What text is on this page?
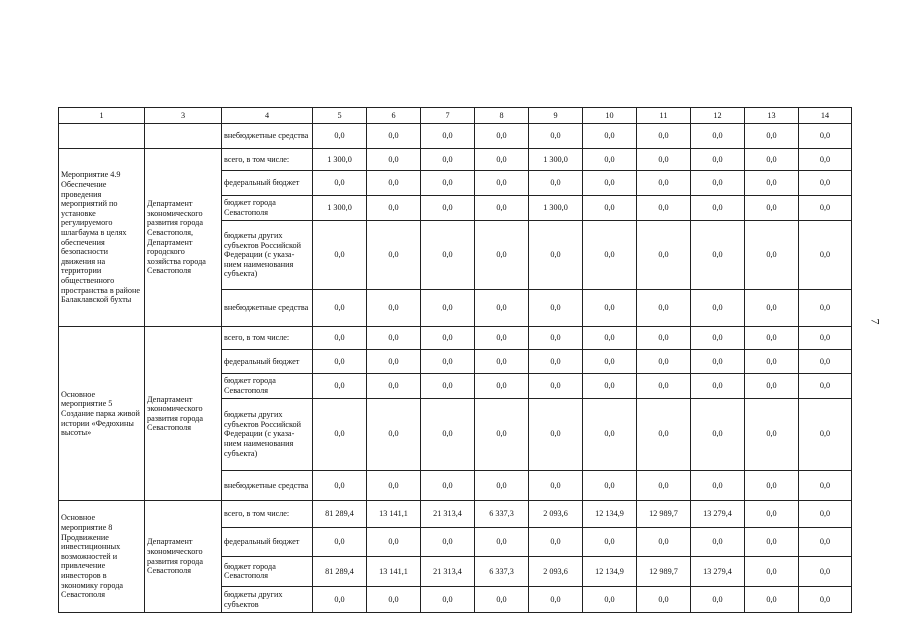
1	3	4	5	6	7	8	9	10	11	12	13	14
		внебюджетные средства	0,0	0,0	0,0	0,0	0,0	0,0	0,0	0,0	0,0	0,0
Мероприятие 4.9 Обеспечение проведения мероприятий по установке регулируемого шлагбаума в целях обеспечения безопасности движения на территории общественного пространства в районе Балаклавской бухты	Департамент экономического развития города Севастополя, Департамент городского хозяйства города Севастополя	всего, в том числе:	1 300,0	0,0	0,0	0,0	1 300,0	0,0	0,0	0,0	0,0	0,0
		федеральный бюджет	0,0	0,0	0,0	0,0	0,0	0,0	0,0	0,0	0,0	0,0
		бюджет города Севастополя	1 300,0	0,0	0,0	0,0	1 300,0	0,0	0,0	0,0	0,0	0,0
		бюджеты других субъектов Российской Федерации (с указа-нием наименования субъекта)	0,0	0,0	0,0	0,0	0,0	0,0	0,0	0,0	0,0	0,0
		внебюджетные средства	0,0	0,0	0,0	0,0	0,0	0,0	0,0	0,0	0,0	0,0
Основное мероприятие 5 Создание парка живой истории «Федюхины высоты»	Департамент экономического развития города Севастополя	всего, в том числе:	0,0	0,0	0,0	0,0	0,0	0,0	0,0	0,0	0,0	0,0
		федеральный бюджет	0,0	0,0	0,0	0,0	0,0	0,0	0,0	0,0	0,0	0,0
		бюджет города Севастополя	0,0	0,0	0,0	0,0	0,0	0,0	0,0	0,0	0,0	0,0
		бюджеты других субъектов Российской Федерации (с указа-нием наименования субъекта)	0,0	0,0	0,0	0,0	0,0	0,0	0,0	0,0	0,0	0,0
		внебюджетные средства	0,0	0,0	0,0	0,0	0,0	0,0	0,0	0,0	0,0	0,0
Основное мероприятие 8 Продвижение инвестиционных возможностей и привлечение инвесторов в экономику города Севастополя	Департамент экономического развития города Севастополя	всего, в том числе:	81 289,4	13 141,1	21 313,4	6 337,3	2 093,6	12 134,9	12 989,7	13 279,4	0,0	0,0
		федеральный бюджет	0,0	0,0	0,0	0,0	0,0	0,0	0,0	0,0	0,0	0,0
		бюджет города Севастополя	81 289,4	13 141,1	21 313,4	6 337,3	2 093,6	12 134,9	12 989,7	13 279,4	0,0	0,0
		бюджеты других субъектов	0,0	0,0	0,0	0,0	0,0	0,0	0,0	0,0	0,0	0,0
7
